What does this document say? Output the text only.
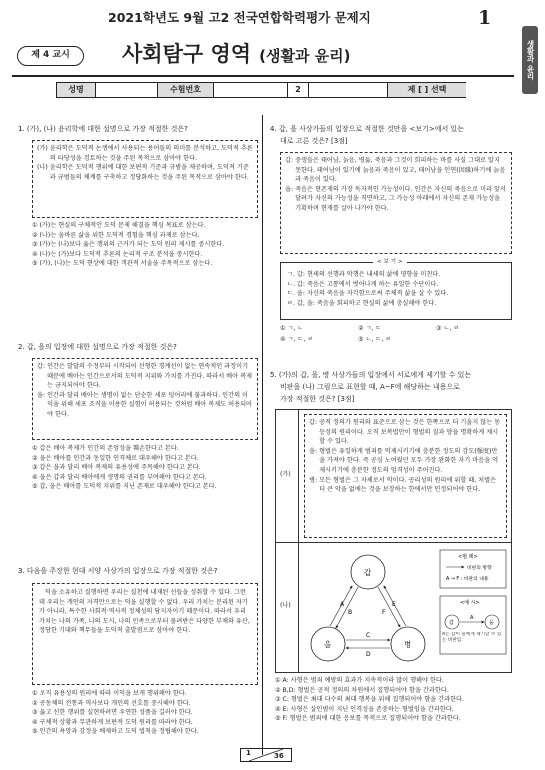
2021학년도 9월 고2 전국연합학력평가 문제지	1
제 4 교시	사회탐구 영역 (생활과 윤리)	생활과 윤리
성명	수험번호	2	제 [ ] 선택
1. (가), (나) 윤리학에 대한 설명으로 가장 적절한 것은?
(가) 윤리학은 도덕적 논쟁에서 사용되는 용어들의 의미를 분석하고, 도덕적 추론의 타당성을 검토하는 것을 주된 목적으로 삼아야 한다.
(나) 윤리학은 도덕적 행위에 대한 보편적 기준과 규범을 제공하며, 도덕적 기준과 규범들의 체계를 구축하고 정당화하는 것을 주된 목적으로 삼아야 한다.
① (가)는 현실의 구체적인 도덕 문제 해결을 핵심 목표로 삼는다.
② (나)는 올바른 삶을 위한 도덕적 경험을 핵심 과제로 삼는다.
③ (가)는 (나)보다 옳은 행위의 근거가 되는 도덕 원리 제시를 중시한다.
④ (나)는 (가)보다 도덕적 추론의 논리적 구조 분석을 중시한다.
⑤ (가), (나)는 도덕 현상에 대한 객관적 서술을 주목적으로 삼는다.
2. 갑, 을의 입장에 대한 설명으로 가장 적절한 것은?
갑: 인간은 발달의 수정부터 시작되어 선형한 경계선이 없는 연속적인 과정이기 때문에 배아는 인간으로서의 도덕적 지위와 가치를 가진다. 따라서 배아 복제는 금지되어야 한다.
을: 인간과 달리 배아는 생명이 없는 단순한 세포 덩어리에 불과하다. 인간의 이익을 위해 세포 조직을 이용한 실험이 허용되는 것처럼 배아 복제도 허용되어야 한다.
① 갑은 배아 복제가 인간의 존엄성을 훼손한다고 본다.
② 을은 배아를 인간과 동일한 인격체로 대우해야 한다고 본다.
③ 갑은 을과 달리 배아 복제의 유용성에 주목해야 한다고 본다.
④ 을은 갑과 달리 배아에게 생명의 권리를 부여해야 한다고 본다.
⑤ 갑, 을은 배아를 도덕적 지위를 지닌 존재로 대우해야 한다고 본다.
3. 다음을 주장한 현대 서양 사상가의 입장으로 가장 적절한 것은?
덕을 소유하고 실행하면 우리는 실천에 내재된 선들을 성취할 수 있다. 그런데 우리는 개인의 자격만으로는 덕을 실행할 수 없다. 우리 가치는 분리된 자기가 아니라, 특수한 사회적·역사적 정체성의 담지자이기 때문이다. 따라서 우리 가치는 나의 가족, 나의 도시, 나의 민족으로부터 물려받은 다양한 부채와 유산, 정당한 기대와 책무들을 도덕적 출발점으로 삼아야 한다.
① 오직 유용성의 원리에 따라 이익을 보게 행위해야 한다.
② 공동체의 전통과 역사보다 개인의 선호를 중시해야 한다.
③ 옳고 선한 행위를 실현하려면 우연한 성품을 길러야 한다.
④ 구체적 상황과 무관하게 보편적 도덕 원리를 따라야 한다.
⑤ 인간의 욕망과 감정을 배제하고 도덕 법칙을 정립해야 한다.
4. 갑, 을 사상가들의 입장으로 적절한 것만을 <보기>에서 있는
대로 고른 것은? [3점]
갑: 중생들은 태어남, 늙음, 병듦, 죽음과 그것이 희피하는 바를 사실 그대로 알지 못한다. 태어남이 있기에 늙음과 죽음이 있고, 태어남을 인연(因緣)하기에 늙음과 죽음이 있다.
을: 죽음은 현존재의 가장 독자적인 가능성이다. 인간은 자신의 죽음으로 미리 앞서 달려가 자신의 가능성을 직면하고, 그 가능성 아래에서 자신의 존재 가능성을 기획하며 현재를 살아 나가야 한다.
< 보 기 >
ㄱ. 갑: 현세의 선행과 악행은 내세의 삶에 영향을 미친다.
ㄴ. 갑: 죽음은 고통에서 벗어나게 하는 유일한 수단이다.
ㄷ. 을: 자신의 죽음을 자각함으로써 주체적 삶을 살 수 있다.
ㄹ. 갑, 을: 죽음을 회피하고 현실의 삶에 충실해야 한다.
① ㄱ, ㄴ	② ㄱ, ㄷ	③ ㄴ, ㄹ
④ ㄱ, ㄷ, ㄹ	⑤ ㄴ, ㄷ, ㄹ
5. (가)의 갑, 을, 병 사상가들의 입장에서 서로에게 제기할 수 있는
비판을 (나) 그림으로 표현할 때, A~F에 해당하는 내용으로
가장 적절한 것은? [3점]
(가)
(나)
갑: 공적 정의가 원리와 표준으로 삼는 것은 한쪽으로 더 기울지 않는 동등성의 원리이다. 오직 보복법만이 형벌의 질과 양을 명확하게 제시할 수 있다.
을: 형벌은 유일하게 범죄를 억제시키기에 충분한 정도의 강도(强度)만을 가져야 한다. 즉 공심 노여웠던 모두 가장 완화한 자기 마음을 억제시키기에 충분한 정도의 엄격성이 주어진다.
병: 모든 형벌은 그 자체로서 악이다. 공리성의 원리에 위할 때, 처벌은 더 큰 악을 없애는 것을 보장하는 한에서만 인정되어야 한다.
갑
을	병
A
B
C
D
E
F
<범 례>
비판의 방향
A → F : 비판의 내용
<예 시>
갑	을
A
A는 갑이 을에게 제기할 수 있는 비판임.
① A: 사형은 범죄 예방의 효과가 지속적이라 많이 행해야 한다.
② B,D: 형벌은 공적 정의의 차원에서 집행되어야 함을 간과한다.
③ C: 형벌은 최대 다수의 최대 행복을 위해 집행되어야 함을 간과한다.
④ E: 사형은 살인범이 지닌 인격성을 존중하는 형벌임을 간과한다.
⑤ F: 형벌은 범죄에 대한 응보를 목적으로 집행되어야 함을 간과한다.
1	36
